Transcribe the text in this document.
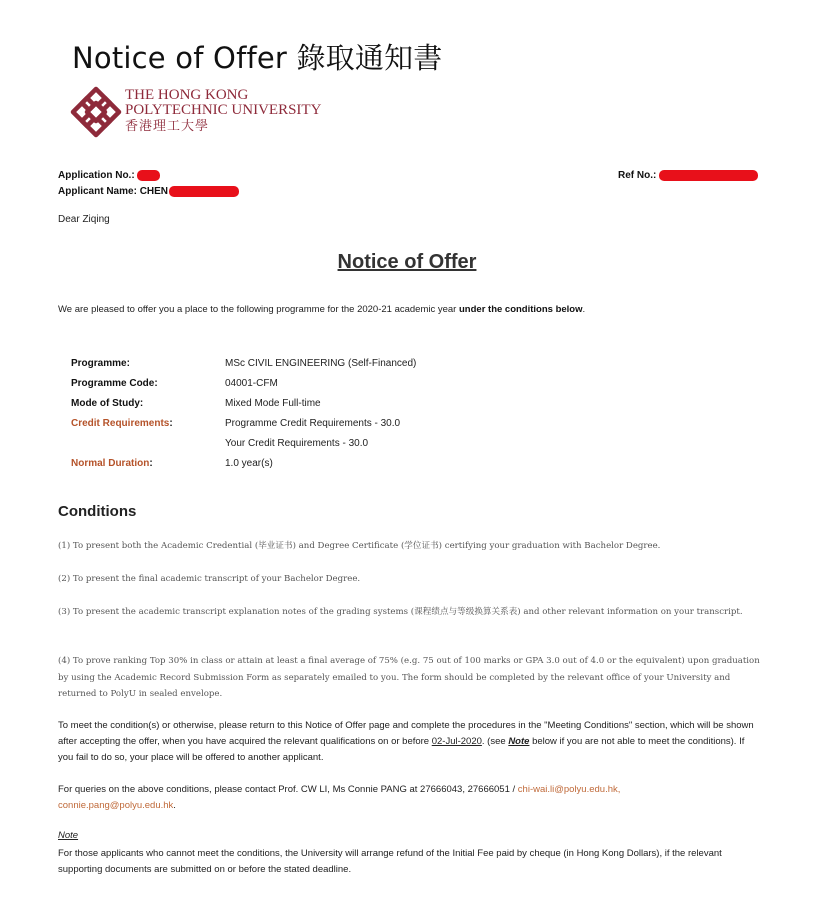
Notice of Offer 錄取通知書
THE HONG KONG
POLYTECHNIC UNIVERSITY
香港理工大學
Application No.:
Applicant Name: CHEN
Ref No.:
Dear Ziqing
Notice of Offer
We are pleased to offer you a place to the following programme for the 2020-21 academic year under the conditions below.
Programme:	MSc CIVIL ENGINEERING (Self-Financed)
Programme Code:	04001-CFM
Mode of Study:	Mixed Mode Full-time
Credit Requirements:	Programme Credit Requirements - 30.0
Your Credit Requirements - 30.0
Normal Duration:	1.0 year(s)
Conditions
(1) To present both the Academic Credential (毕业证书) and Degree Certificate (学位证书) certifying your graduation with Bachelor Degree.
(2) To present the final academic transcript of your Bachelor Degree.
(3) To present the academic transcript explanation notes of the grading systems (课程绩点与等级换算关系表) and other relevant information on your transcript.
(4) To prove ranking Top 30% in class or attain at least a final average of 75% (e.g. 75 out of 100 marks or GPA 3.0 out of 4.0 or the equivalent) upon graduation by using the Academic Record Submission Form as separately emailed to you. The form should be completed by the relevant office of your University and returned to PolyU in sealed envelope.
To meet the condition(s) or otherwise, please return to this Notice of Offer page and complete the procedures in the "Meeting Conditions" section, which will be shown after accepting the offer, when you have acquired the relevant qualifications on or before 02-Jul-2020. (see Note below if you are not able to meet the conditions). If you fail to do so, your place will be offered to another applicant.
For queries on the above conditions, please contact Prof. CW LI, Ms Connie PANG at 27666043, 27666051 / chi-wai.li@polyu.edu.hk,
connie.pang@polyu.edu.hk.
Note
For those applicants who cannot meet the conditions, the University will arrange refund of the Initial Fee paid by cheque (in Hong Kong Dollars), if the relevant supporting documents are submitted on or before the stated deadline.
